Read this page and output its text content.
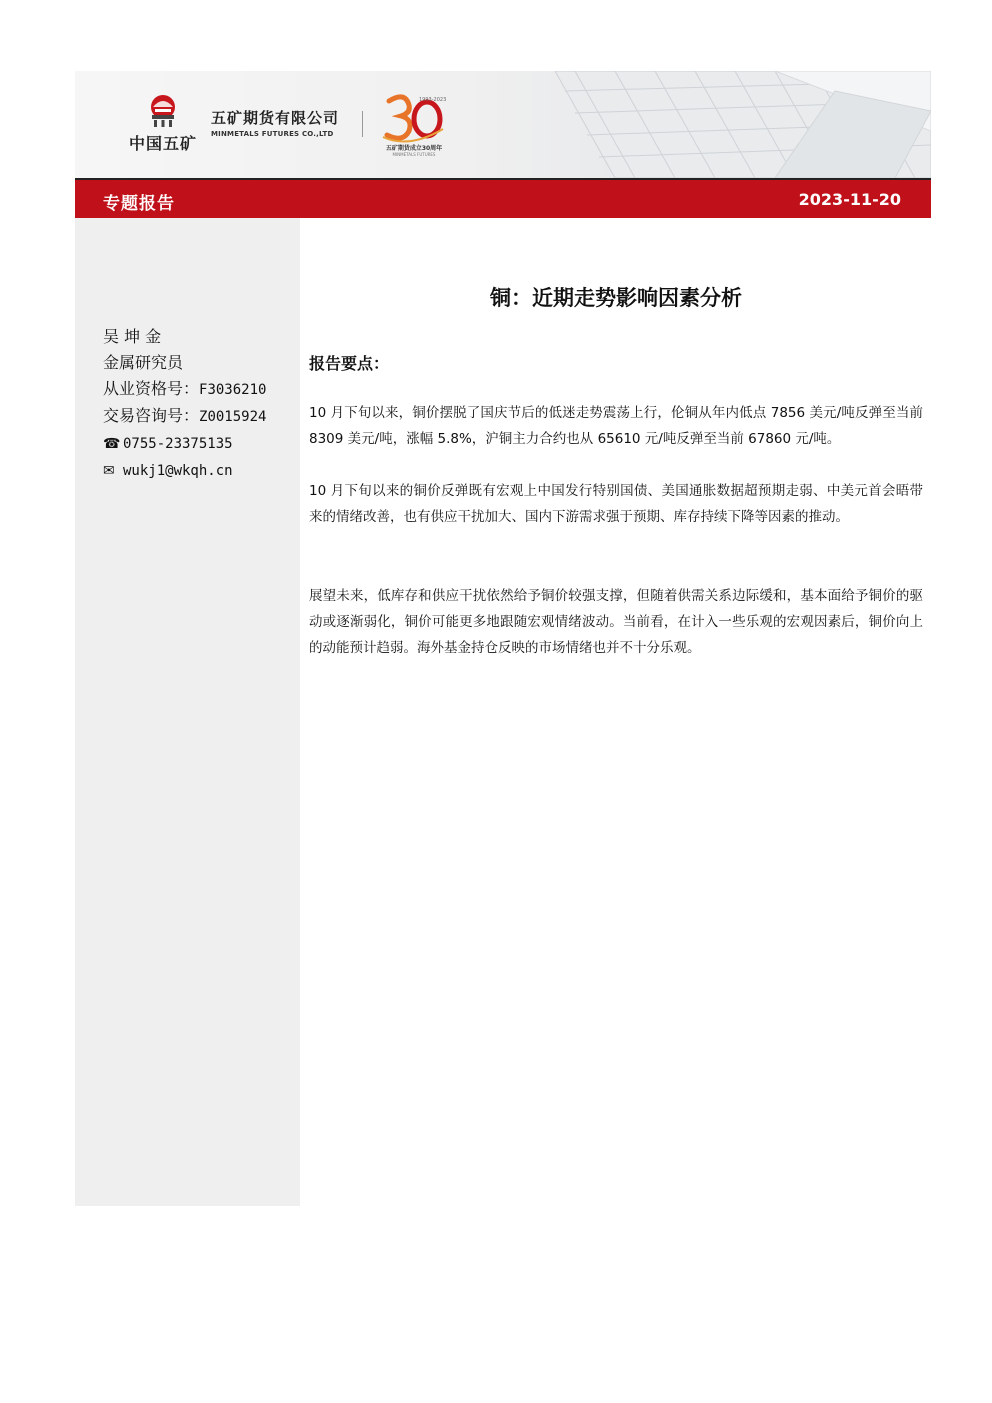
中国五矿
五矿期货有限公司
MINMETALS FUTURES CO.,LTD
1993-2023
五矿期货成立30周年
MINMETALS FUTURES
专题报告	2023-11-20
吴 坤 金
金属研究员
从业资格号：F3036210
交易咨询号：Z0015924
☎ 0755-23375135
✉ wukj1@wkqh.cn
铜：近期走势影响因素分析
报告要点：
10 月下旬以来，铜价摆脱了国庆节后的低迷走势震荡上行，伦铜从年内低点 7856 美元/吨反弹至当前 8309 美元/吨，涨幅 5.8%，沪铜主力合约也从 65610 元/吨反弹至当前 67860 元/吨。
10 月下旬以来的铜价反弹既有宏观上中国发行特别国债、美国通胀数据超预期走弱、中美元首会晤带来的情绪改善，也有供应干扰加大、国内下游需求强于预期、库存持续下降等因素的推动。
展望未来，低库存和供应干扰依然给予铜价较强支撑，但随着供需关系边际缓和，基本面给予铜价的驱动或逐渐弱化，铜价可能更多地跟随宏观情绪波动。当前看，在计入一些乐观的宏观因素后，铜价向上的动能预计趋弱。海外基金持仓反映的市场情绪也并不十分乐观。
